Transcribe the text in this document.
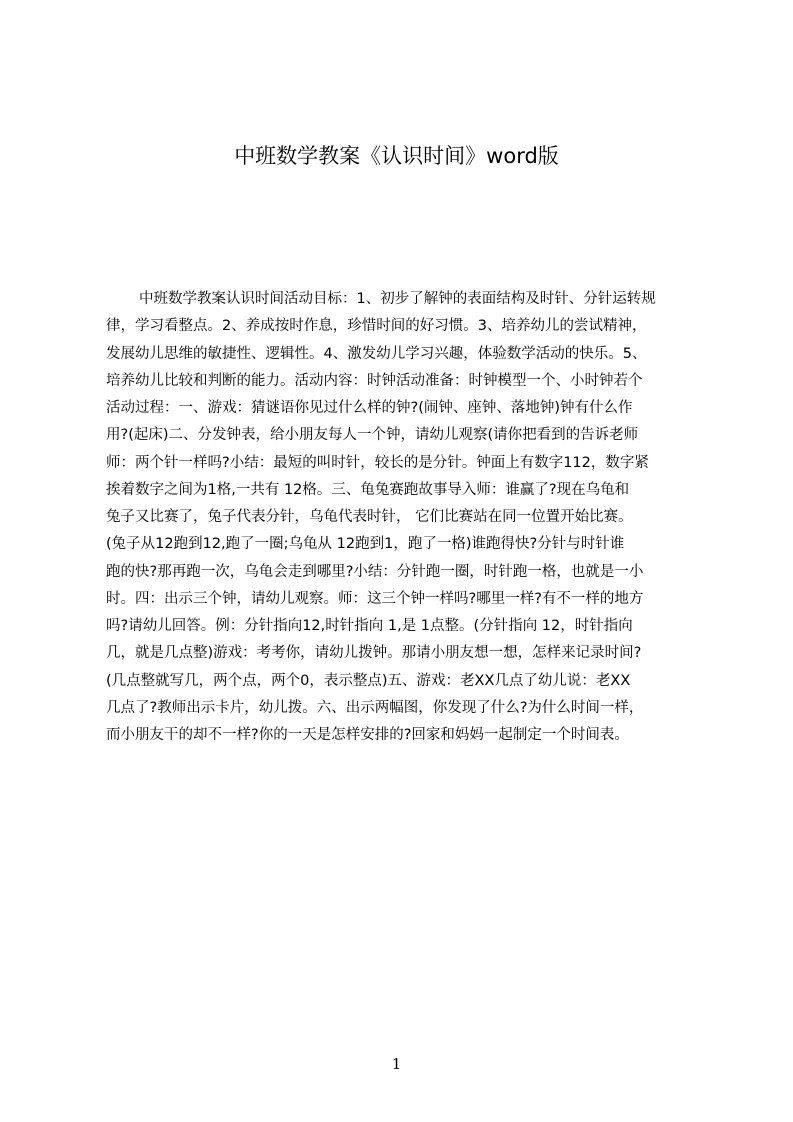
中班数学教案《认识时间》word版
中班数学教案认识时间活动目标：1、初步了解钟的表面结构及时针、分针运转规
律，学习看整点。2、养成按时作息，珍惜时间的好习惯。3、培养幼儿的尝试精神，
发展幼儿思维的敏捷性、逻辑性。4、激发幼儿学习兴趣，体验数学活动的快乐。5、
培养幼儿比较和判断的能力。活动内容：时钟活动准备：时钟模型一个、小时钟若个
活动过程：一、游戏：猜谜语你见过什么样的钟?(闹钟、座钟、落地钟)钟有什么作
用?(起床)二、分发钟表，给小朋友每人一个钟，请幼儿观察(请你把看到的告诉老师
师：两个针一样吗?小结：最短的叫时针，较长的是分针。钟面上有数字112，数字紧
挨着数字之间为1格,一共有 12格。三、龟兔赛跑故事导入师：谁赢了?现在乌龟和
兔子又比赛了，兔子代表分针，乌龟代表时针， 它们比赛站在同一位置开始比赛。
(兔子从12跑到12,跑了一圈;乌龟从 12跑到1，跑了一格)谁跑得快?分针与时针谁
跑的快?那再跑一次，乌龟会走到哪里?小结：分针跑一圈，时针跑一格，也就是一小
时。四：出示三个钟，请幼儿观察。师：这三个钟一样吗?哪里一样?有不一样的地方
吗?请幼儿回答。例：分针指向12,时针指向 1,是 1点整。(分针指向 12，时针指向
几，就是几点整)游戏：考考你，请幼儿拨钟。那请小朋友想一想，怎样来记录时间?
(几点整就写几，两个点，两个0，表示整点)五、游戏：老XX几点了幼儿说：老XX
几点了?教师出示卡片，幼儿拨。六、出示两幅图，你发现了什么?为什么时间一样，
而小朋友干的却不一样?你的一天是怎样安排的?回家和妈妈一起制定一个时间表。
1
